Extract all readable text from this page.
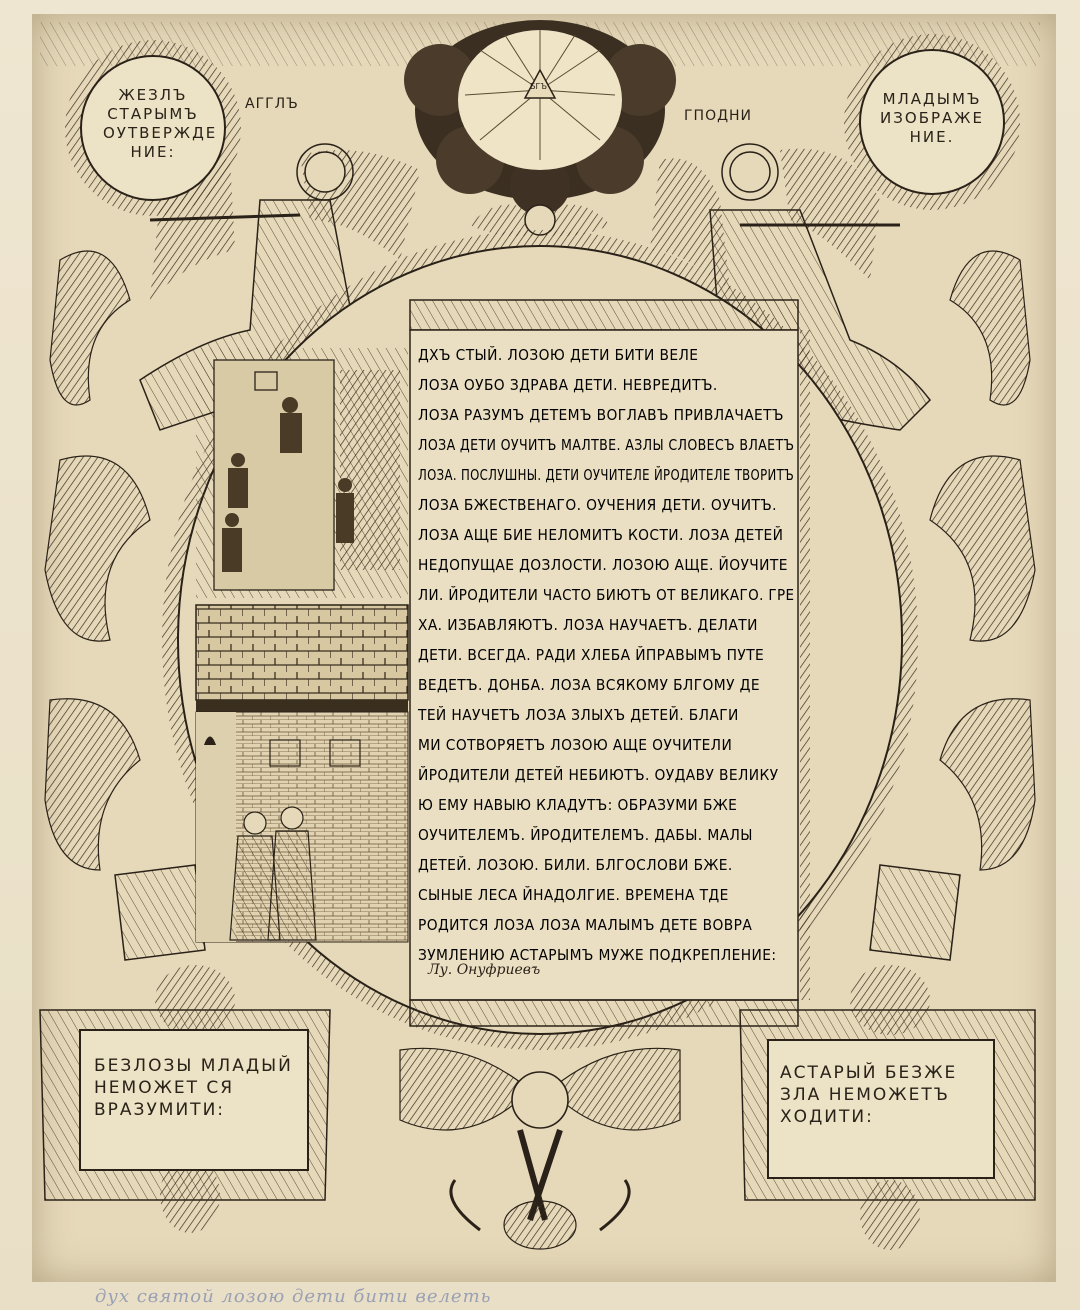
ЖЕЗЛЪ
СТАРЫМЪ
ОУТВЕРЖДЕ
НИЕ:
МЛАДЫМЪ
ИЗОБРАЖЕ
НИЕ.
АГГЛЪ
ГПОДНИ
БГЪ
ДХЪ СТЫЙ. ЛОЗОЮ ДЕТИ БИТИ ВЕЛЕ
ЛОЗА ОУБО ЗДРАВА ДЕТИ. НЕВРЕДИТЪ.
ЛОЗА РАЗУМЪ ДЕТЕМЪ ВОГЛАВЪ ПРИВЛАЧАЕТЪ
ЛОЗА ДЕТИ ОУЧИТЪ МАЛТВЕ. АЗЛЫ СЛОВЕСЪ ВЛАЕТЪ
ЛОЗА. ПОСЛУШНЫ. ДЕТИ ОУЧИТЕЛЕ ЙРОДИТЕЛЕ ТВОРИТЪ
ЛОЗА БЖЕСТВЕНАГО. ОУЧЕНИЯ ДЕТИ. ОУЧИТЪ.
ЛОЗА АЩЕ БИЕ НЕЛОМИТЪ КОСТИ. ЛОЗА ДЕТЕЙ
НЕДОПУЩАЕ ДОЗЛОСТИ. ЛОЗОЮ АЩЕ. ЙОУЧИТЕ
ЛИ. ЙРОДИТЕЛИ ЧАСТО БИЮТЪ ОТ ВЕЛИКАГО. ГРЕ
ХА. ИЗБАВЛЯЮТЪ. ЛОЗА НАУЧАЕТЪ. ДЕЛАТИ
ДЕТИ. ВСЕГДА. РАДИ ХЛЕБА ЙПРАВЫМЪ ПУТЕ
ВЕДЕТЪ. ДОНБА. ЛОЗА ВСЯКОМУ БЛГОМУ ДЕ
ТЕЙ НАУЧЕТЪ ЛОЗА ЗЛЫХЪ ДЕТЕЙ. БЛАГИ
МИ СОТВОРЯЕТЪ ЛОЗОЮ АЩЕ ОУЧИТЕЛИ
ЙРОДИТЕЛИ ДЕТЕЙ НЕБИЮТЪ. ОУДАВУ ВЕЛИКУ
Ю ЕМУ НАВЫЮ КЛАДУТЪ: ОБРАЗУМИ БЖЕ
ОУЧИТЕЛЕМЪ. ЙРОДИТЕЛЕМЪ. ДАБЫ. МАЛЫ
ДЕТЕЙ. ЛОЗОЮ. БИЛИ. БЛГОСЛОВИ БЖЕ.
СЫНЫЕ ЛЕСА ЙНАДОЛГИЕ. ВРЕМЕНА ТДЕ
РОДИТСЯ ЛОЗА ЛОЗА МАЛЫМЪ ДЕТЕ ВОВРА
ЗУМЛЕНИЮ АСТАРЫМЪ МУЖЕ ПОДКРЕПЛЕНИЕ:
Лу. Онуфриевъ
БЕЗЛОЗЫ МЛАДЫЙ
НЕМОЖЕТ СЯ
ВРАЗУМИТИ:
АСТАРЫЙ БЕЗЖЕ
ЗЛА НЕМОЖЕТЪ
ХОДИТИ:
дух святой лозою дети бити велеть
